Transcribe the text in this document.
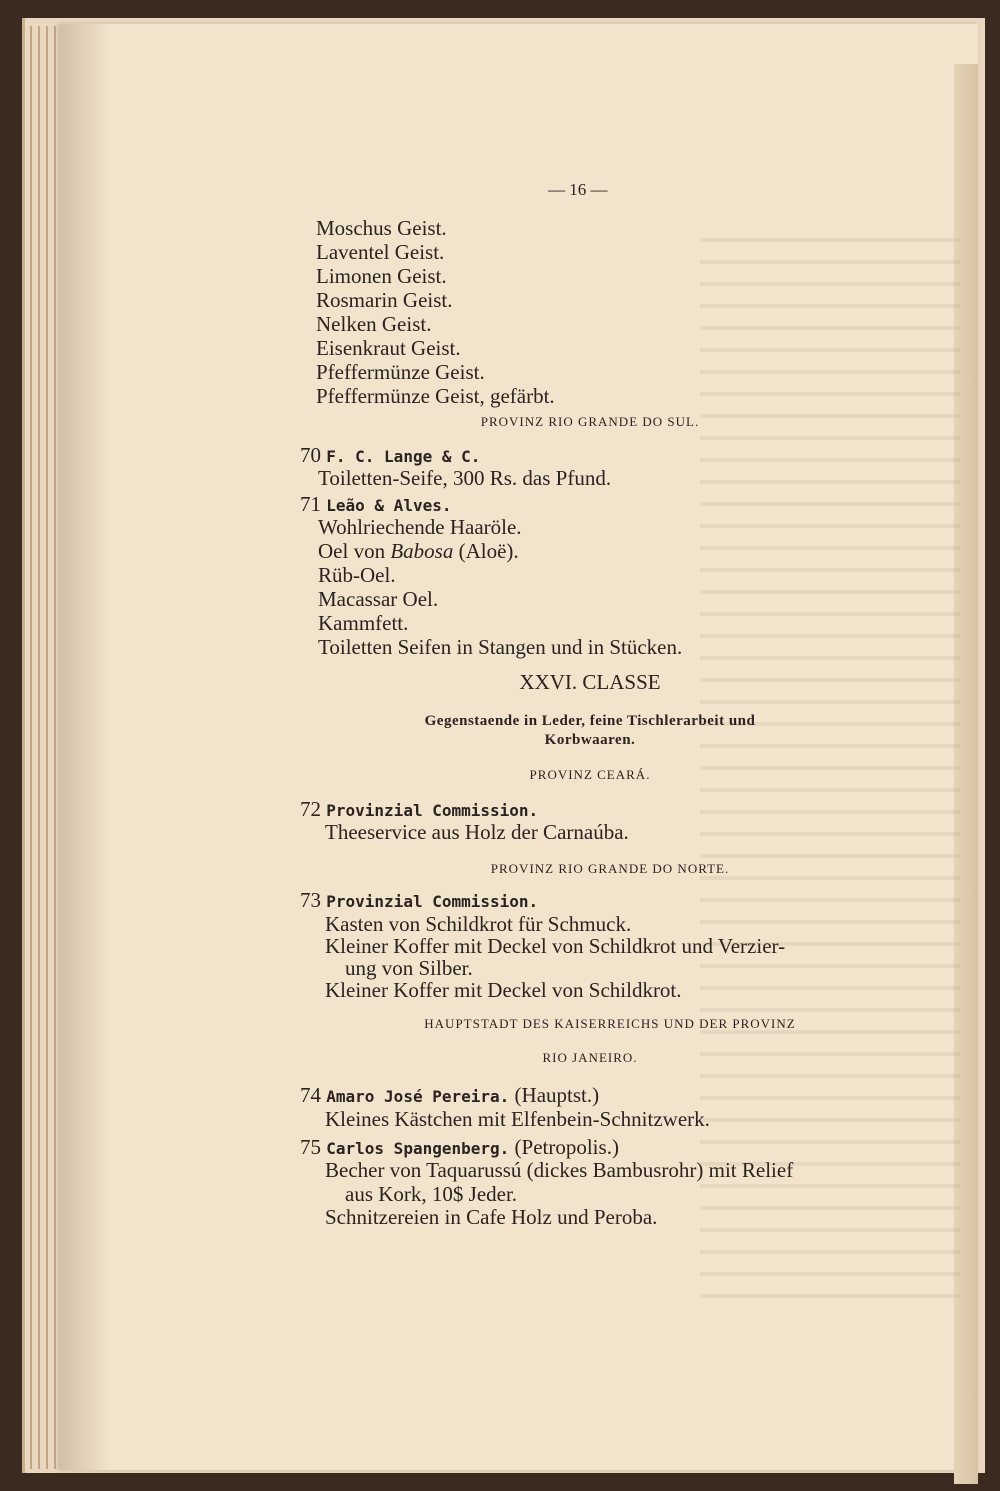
— 16 —
Moschus Geist.
Laventel Geist.
Limonen Geist.
Rosmarin Geist.
Nelken Geist.
Eisenkraut Geist.
Pfeffermünze Geist.
Pfeffermünze Geist, gefärbt.
PROVINZ RIO GRANDE DO SUL.
70 F. C. Lange & C.
Toiletten-Seife, 300 Rs. das Pfund.
71 Leão & Alves.
Wohlriechende Haaröle.
Oel von Babosa (Aloë).
Rüb-Oel.
Macassar Oel.
Kammfett.
Toiletten Seifen in Stangen und in Stücken.
XXVI. CLASSE
Gegenstaende in Leder, feine Tischlerarbeit und
Korbwaaren.
PROVINZ CEARÁ.
72 Provinzial Commission.
Theeservice aus Holz der Carnaúba.
PROVINZ RIO GRANDE DO NORTE.
73 Provinzial Commission.
Kasten von Schildkrot für Schmuck.
Kleiner Koffer mit Deckel von Schildkrot und Verzier-
ung von Silber.
Kleiner Koffer mit Deckel von Schildkrot.
HAUPTSTADT DES KAISERREICHS UND DER PROVINZ
RIO JANEIRO.
74 Amaro José Pereira. (Hauptst.)
Kleines Kästchen mit Elfenbein-Schnitzwerk.
75 Carlos Spangenberg. (Petropolis.)
Becher von Taquarussú (dickes Bambusrohr) mit Relief
aus Kork, 10$ Jeder.
Schnitzereien in Cafe Holz und Peroba.
